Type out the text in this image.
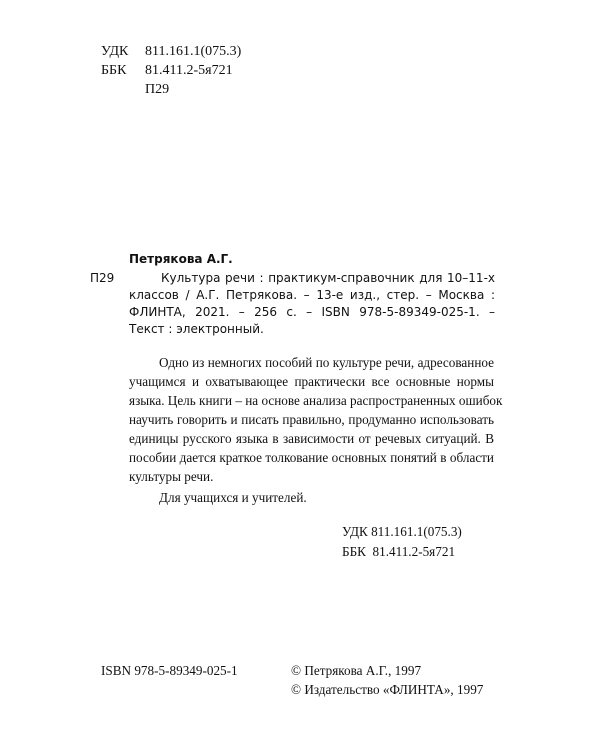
УДК 811.161.1(075.3)
ББК 81.411.2-5я721
П29
Петрякова А.Г.
П29	Культура речи : практикум-справочник для 10–11-х
классов / А.Г. Петрякова. – 13-е изд., стер. – Москва :
ФЛИНТА, 2021. – 256 с. – ISBN 978-5-89349-025-1. –
Текст : электронный.
Одно из немногих пособий по культуре речи, адресованное
учащимся и охватывающее практически все основные нормы
языка. Цель книги – на основе анализа распространенных ошибок
научить говорить и писать правильно, продуманно использовать
единицы русского языка в зависимости от речевых ситуаций. В
пособии дается краткое толкование основных понятий в области
культуры речи.
Для учащихся и учителей.
УДК 811.161.1(075.3)
ББК  81.411.2-5я721
ISBN 978-5-89349-025-1	© Петрякова А.Г., 1997
© Издательство «ФЛИНТА», 1997
